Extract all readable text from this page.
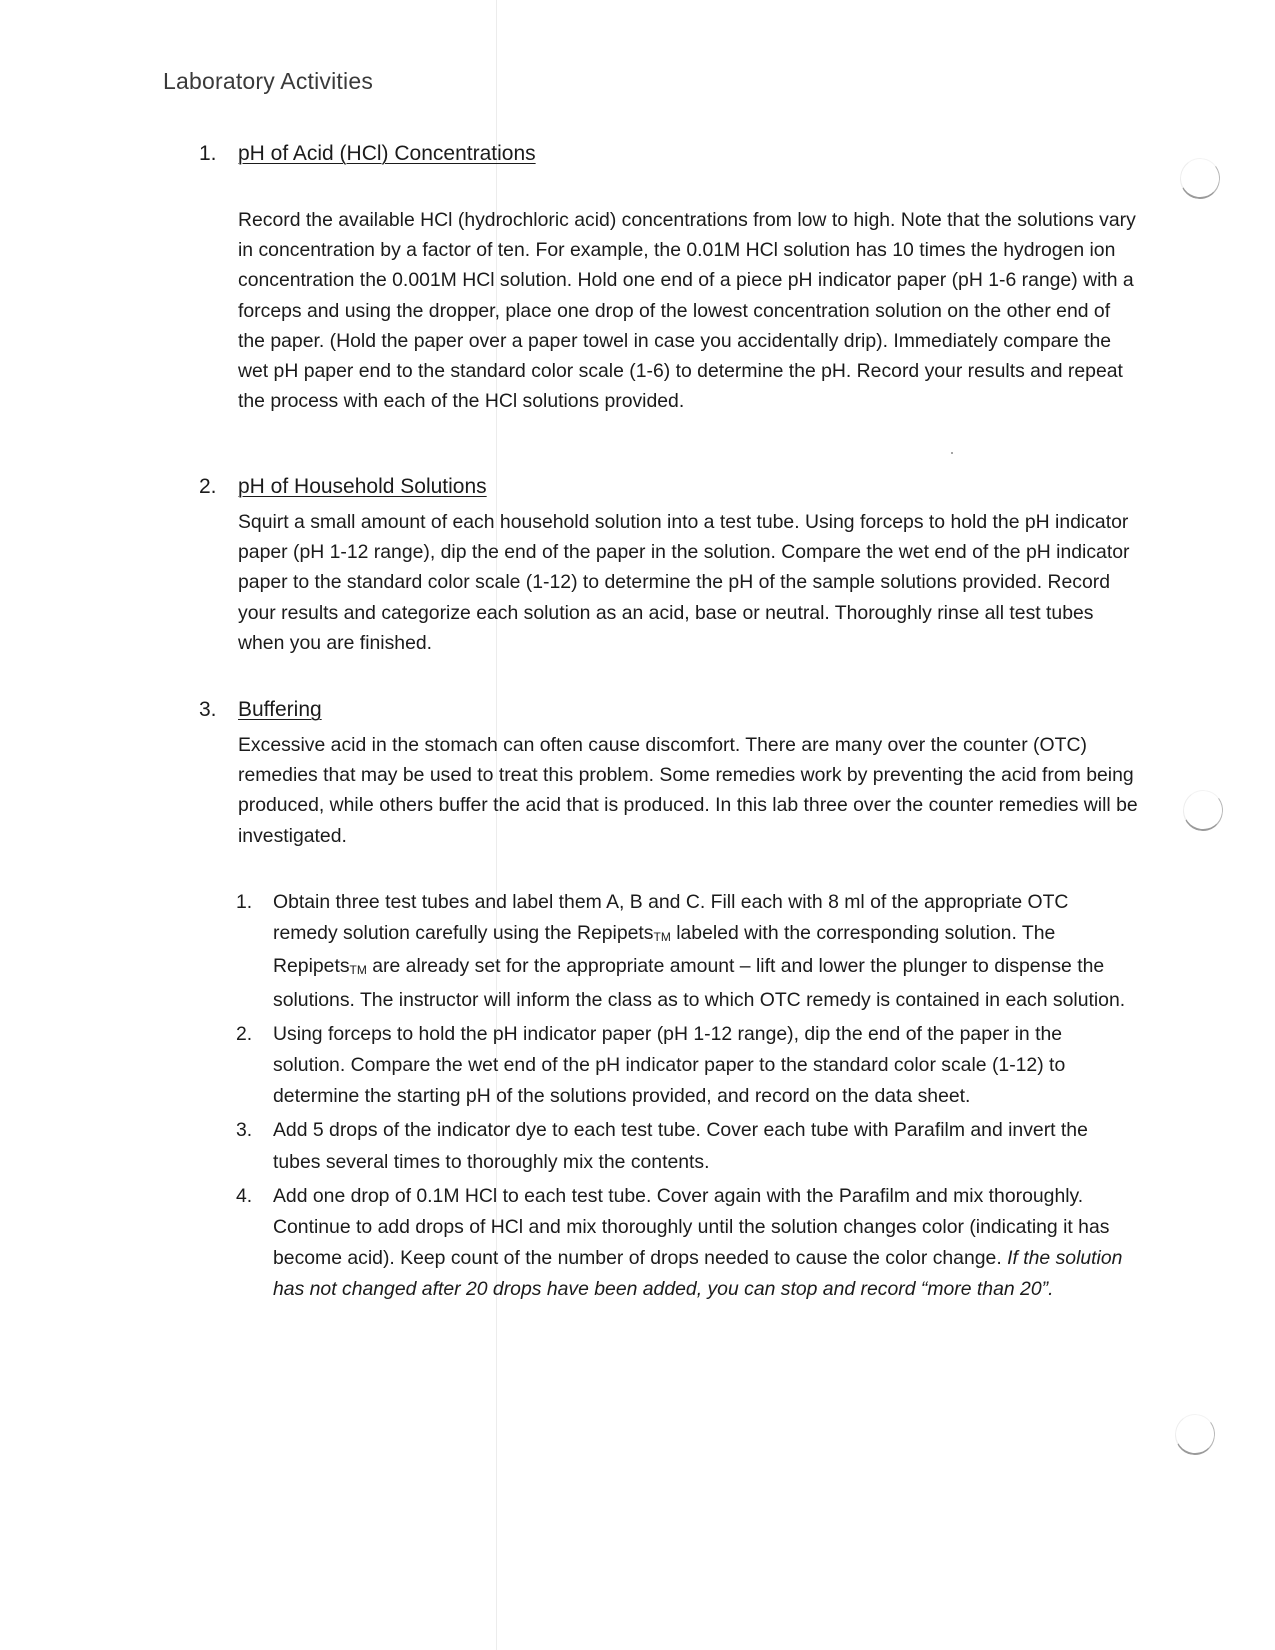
Laboratory Activities
1. pH of Acid (HCl) Concentrations

Record the available HCl (hydrochloric acid) concentrations from low to high. Note that the solutions vary in concentration by a factor of ten. For example, the 0.01M HCl solution has 10 times the hydrogen ion concentration the 0.001M HCl solution. Hold one end of a piece pH indicator paper (pH 1-6 range) with a forceps and using the dropper, place one drop of the lowest concentration solution on the other end of the paper. (Hold the paper over a paper towel in case you accidentally drip). Immediately compare the wet pH paper end to the standard color scale (1-6) to determine the pH. Record your results and repeat the process with each of the HCl solutions provided.

2. pH of Household Solutions

Squirt a small amount of each household solution into a test tube. Using forceps to hold the pH indicator paper (pH 1-12 range), dip the end of the paper in the solution. Compare the wet end of the pH indicator paper to the standard color scale (1-12) to determine the pH of the sample solutions provided. Record your results and categorize each solution as an acid, base or neutral. Thoroughly rinse all test tubes when you are finished.

3. Buffering

Excessive acid in the stomach can often cause discomfort. There are many over the counter (OTC) remedies that may be used to treat this problem. Some remedies work by preventing the acid from being produced, while others buffer the acid that is produced. In this lab three over the counter remedies will be investigated.

1. Obtain three test tubes and label them A, B and C. Fill each with 8 ml of the appropriate OTC remedy solution carefully using the RepipetsTM labeled with the corresponding solution. The RepipetsTM are already set for the appropriate amount – lift and lower the plunger to dispense the solutions. The instructor will inform the class as to which OTC remedy is contained in each solution.
2. Using forceps to hold the pH indicator paper (pH 1-12 range), dip the end of the paper in the solution. Compare the wet end of the pH indicator paper to the standard color scale (1-12) to determine the starting pH of the solutions provided, and record on the data sheet.
3. Add 5 drops of the indicator dye to each test tube. Cover each tube with Parafilm and invert the tubes several times to thoroughly mix the contents.
4. Add one drop of 0.1M HCl to each test tube. Cover again with the Parafilm and mix thoroughly. Continue to add drops of HCl and mix thoroughly until the solution changes color (indicating it has become acid). Keep count of the number of drops needed to cause the color change. If the solution has not changed after 20 drops have been added, you can stop and record “more than 20”.
